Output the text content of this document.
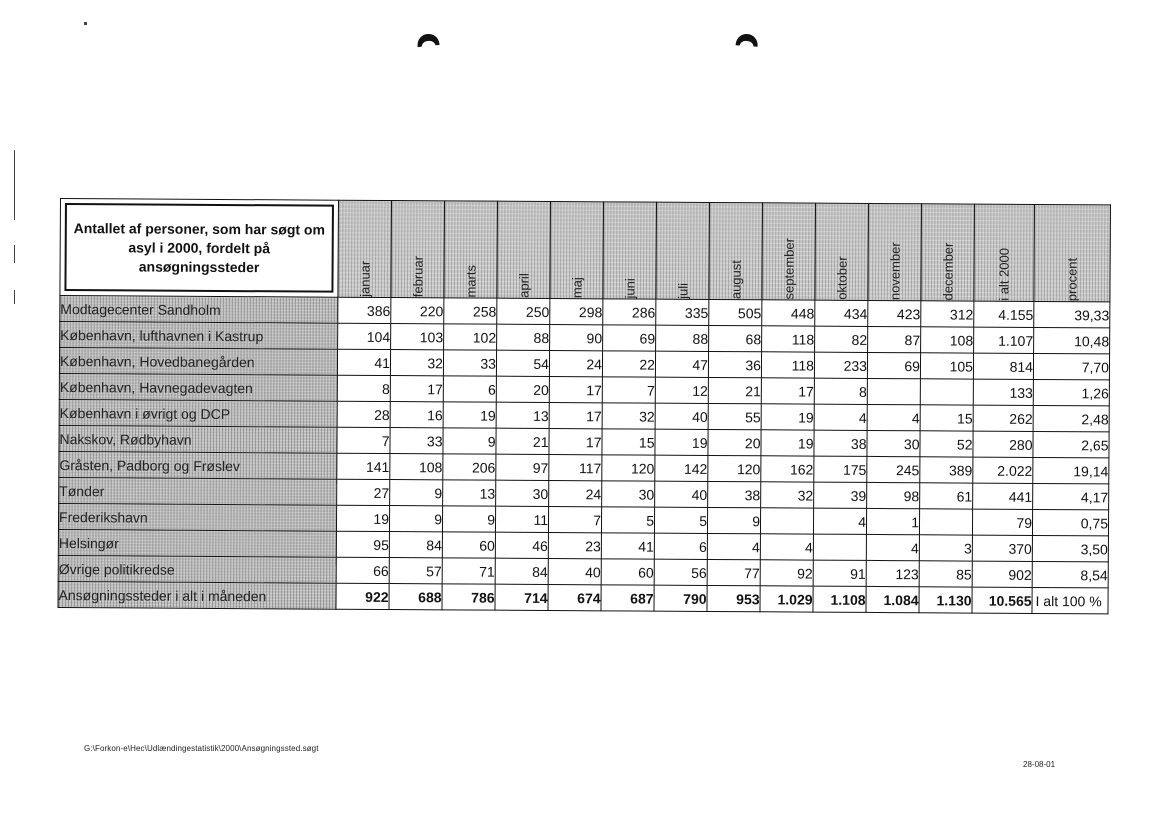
Antallet af personer, som har søgt om asyl i 2000, fordelt på ansøgningssteder	januar	februar	marts	april	maj	juni	juli	august	september	oktober	november	december	i alt 2000	procent

Modtagecenter Sandholm	386	220	258	250	298	286	335	505	448	434	423	312	4.155	39,33
København, lufthavnen i Kastrup	104	103	102	88	90	69	88	68	118	82	87	108	1.107	10,48
København, Hovedbanegården	41	32	33	54	24	22	47	36	118	233	69	105	814	7,70
København, Havnegadevagten	8	17	6	20	17	7	12	21	17	8			133	1,26
København i øvrigt og DCP	28	16	19	13	17	32	40	55	19	4	4	15	262	2,48
Nakskov, Rødbyhavn	7	33	9	21	17	15	19	20	19	38	30	52	280	2,65
Gråsten, Padborg og Frøslev	141	108	206	97	117	120	142	120	162	175	245	389	2.022	19,14
Tønder	27	9	13	30	24	30	40	38	32	39	98	61	441	4,17
Frederikshavn	19	9	9	11	7	5	5	9		4	1		79	0,75
Helsingør	95	84	60	46	23	41	6	4	4		4	3	370	3,50
Øvrige politikredse	66	57	71	84	40	60	56	77	92	91	123	85	902	8,54
Ansøgningssteder i alt i måneden	922	688	786	714	674	687	790	953	1.029	1.108	1.084	1.130	10.565	I alt 100 %
G:\Forkon-e\Hec\Udlændingestatistik\2000\Ansøgningssted.søgt
28-08-01
